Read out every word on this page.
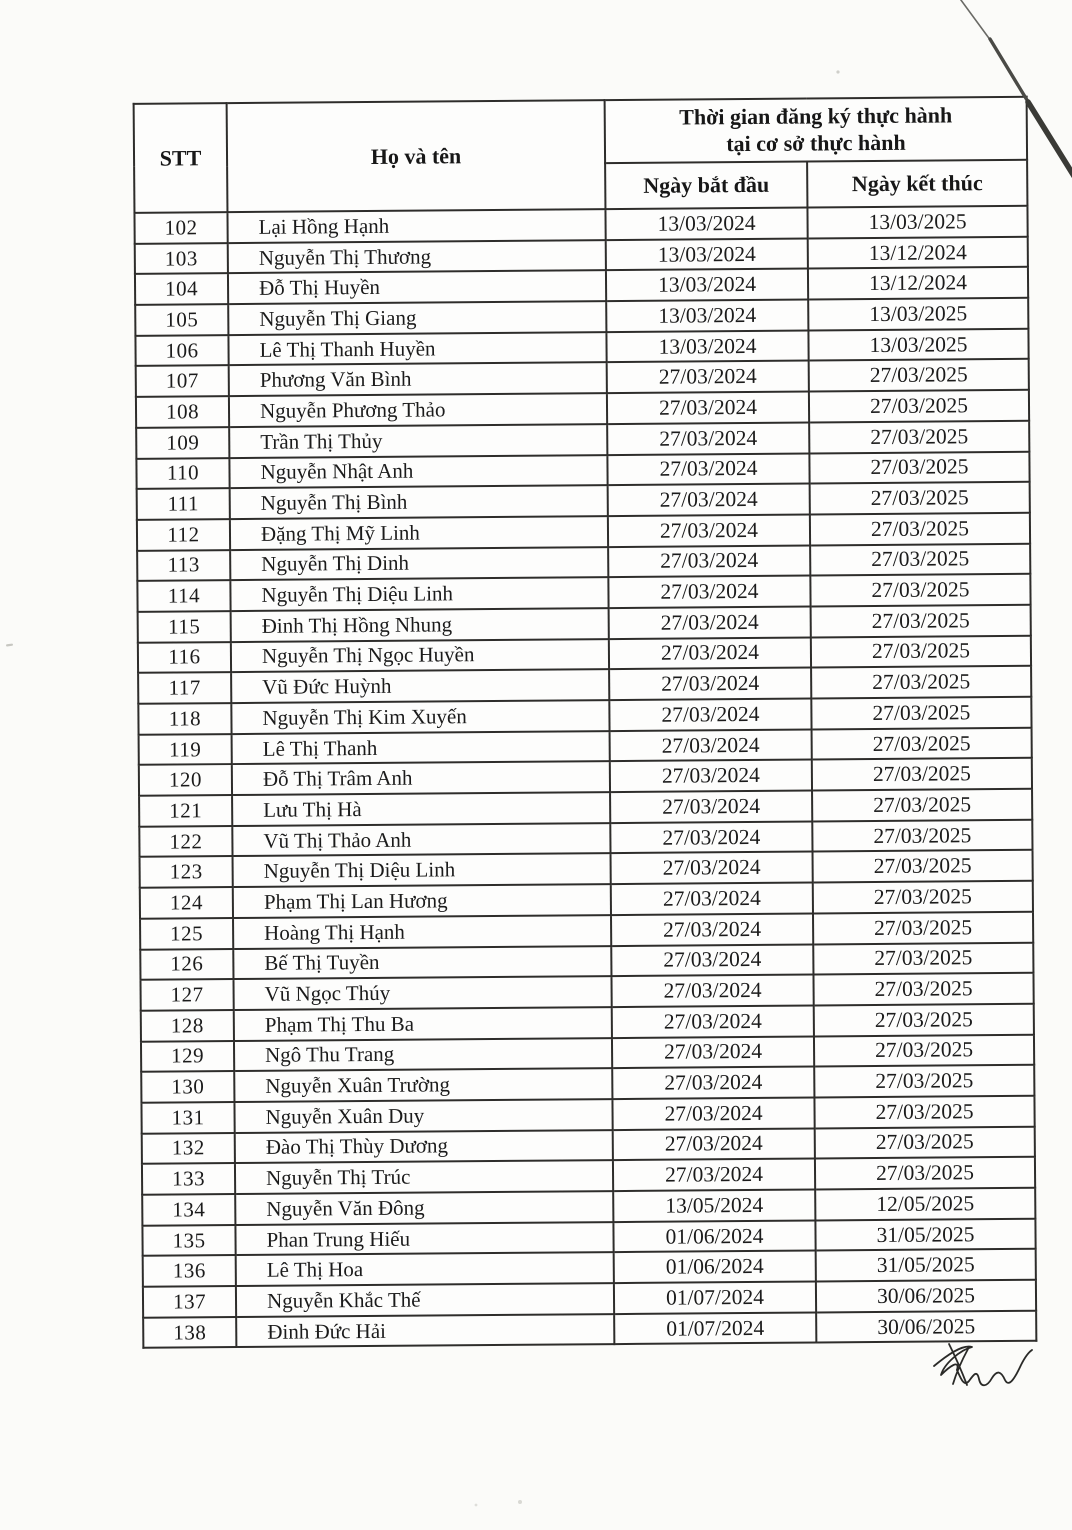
STT	Họ và tên	Thời gian đăng ký thực hành
tại cơ sở thực hành	

		Ngày bắt đầu	Ngày kết thúc
102	Lại Hồng Hạnh	13/03/2024	13/03/2025
103	Nguyễn Thị Thương	13/03/2024	13/12/2024
104	Đỗ Thị Huyền	13/03/2024	13/12/2024
105	Nguyễn Thị Giang	13/03/2024	13/03/2025
106	Lê Thị Thanh Huyền	13/03/2024	13/03/2025
107	Phương Văn Bình	27/03/2024	27/03/2025
108	Nguyễn Phương Thảo	27/03/2024	27/03/2025
109	Trần Thị Thủy	27/03/2024	27/03/2025
110	Nguyễn Nhật Anh	27/03/2024	27/03/2025
111	Nguyễn Thị Bình	27/03/2024	27/03/2025
112	Đặng Thị Mỹ Linh	27/03/2024	27/03/2025
113	Nguyễn Thị Dinh	27/03/2024	27/03/2025
114	Nguyễn Thị Diệu Linh	27/03/2024	27/03/2025
115	Đinh Thị Hồng Nhung	27/03/2024	27/03/2025
116	Nguyễn Thị Ngọc Huyền	27/03/2024	27/03/2025
117	Vũ Đức Huỳnh	27/03/2024	27/03/2025
118	Nguyễn Thị Kim Xuyến	27/03/2024	27/03/2025
119	Lê Thị Thanh	27/03/2024	27/03/2025
120	Đỗ Thị Trâm Anh	27/03/2024	27/03/2025
121	Lưu Thị Hà	27/03/2024	27/03/2025
122	Vũ Thị Thảo Anh	27/03/2024	27/03/2025
123	Nguyễn Thị Diệu Linh	27/03/2024	27/03/2025
124	Phạm Thị Lan Hương	27/03/2024	27/03/2025
125	Hoàng Thị Hạnh	27/03/2024	27/03/2025
126	Bế Thị Tuyền	27/03/2024	27/03/2025
127	Vũ Ngọc Thúy	27/03/2024	27/03/2025
128	Phạm Thị Thu Ba	27/03/2024	27/03/2025
129	Ngô Thu Trang	27/03/2024	27/03/2025
130	Nguyễn Xuân Trường	27/03/2024	27/03/2025
131	Nguyễn Xuân Duy	27/03/2024	27/03/2025
132	Đào Thị Thùy Dương	27/03/2024	27/03/2025
133	Nguyễn Thị Trúc	27/03/2024	27/03/2025
134	Nguyễn Văn Đông	13/05/2024	12/05/2025
135	Phan Trung Hiếu	01/06/2024	31/05/2025
136	Lê Thị Hoa	01/06/2024	31/05/2025
137	Nguyễn Khắc Thế	01/07/2024	30/06/2025
138	Đinh Đức Hải	01/07/2024	30/06/2025
